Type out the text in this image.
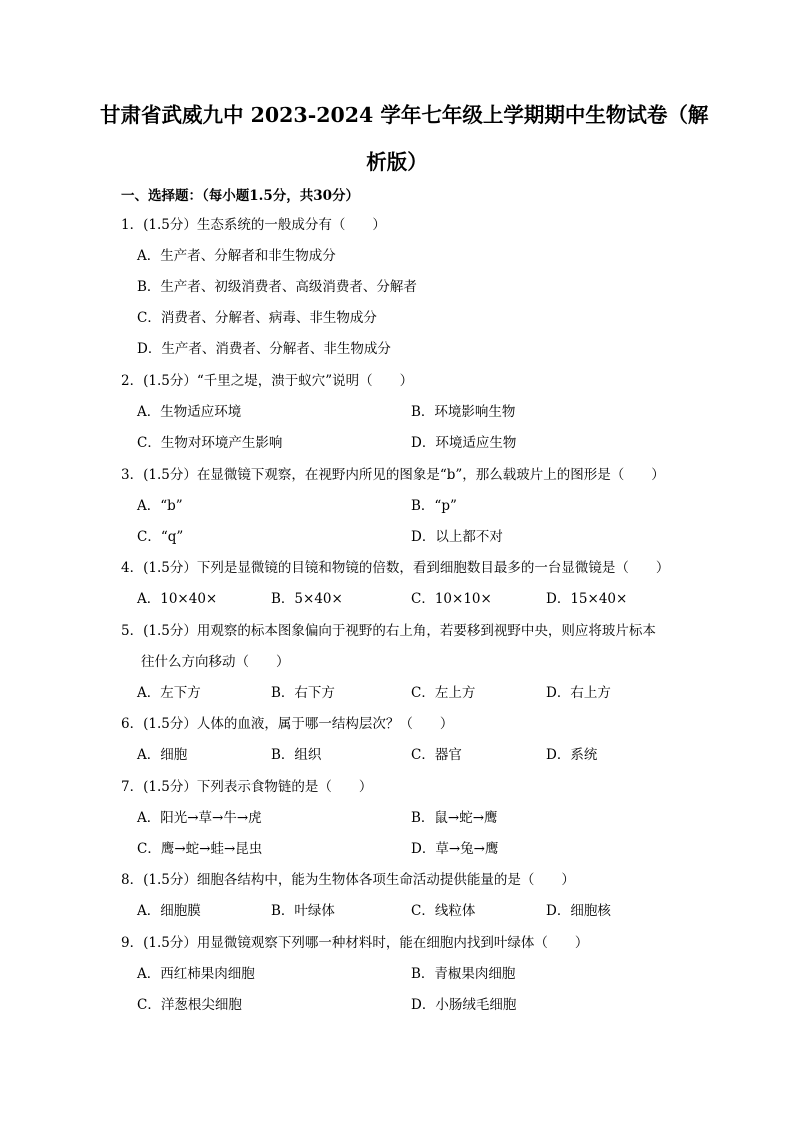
甘肃省武威九中 2023-2024 学年七年级上学期期中生物试卷（解
析版）
一、选择题：（每小题1.5分，共30分）
1．(1.5分）生态系统的一般成分有（　　）
A．生产者、分解者和非生物成分
B．生产者、初级消费者、高级消费者、分解者
C．消费者、分解者、病毒、非生物成分
D．生产者、消费者、分解者、非生物成分
2．(1.5分）“千里之堤，溃于蚁穴”说明（　　）
A．生物适应环境	B．环境影响生物
C．生物对环境产生影响	D．环境适应生物
3．(1.5分）在显微镜下观察，在视野内所见的图象是“b”，那么载玻片上的图形是（　　）
A．“b”	B．“p”
C．“q”	D．以上都不对
4．(1.5分）下列是显微镜的目镜和物镜的倍数，看到细胞数目最多的一台显微镜是（　　）
A．10×40×	B．5×40×	C．10×10×	D．15×40×
5．(1.5分）用观察的标本图象偏向于视野的右上角，若要移到视野中央，则应将玻片标本
往什么方向移动（　　）
A．左下方	B．右下方	C．左上方	D．右上方
6．(1.5分）人体的血液，属于哪一结构层次？（　　）
A．细胞	B．组织	C．器官	D．系统
7．(1.5分）下列表示食物链的是（　　）
A．阳光→草→牛→虎	B．鼠→蛇→鹰
C．鹰→蛇→蛙→昆虫	D．草→兔→鹰
8．(1.5分）细胞各结构中，能为生物体各项生命活动提供能量的是（　　）
A．细胞膜	B．叶绿体	C．线粒体	D．细胞核
9．(1.5分）用显微镜观察下列哪一种材料时，能在细胞内找到叶绿体（　　）
A．西红柿果肉细胞	B．青椒果肉细胞
C．洋葱根尖细胞	D．小肠绒毛细胞
